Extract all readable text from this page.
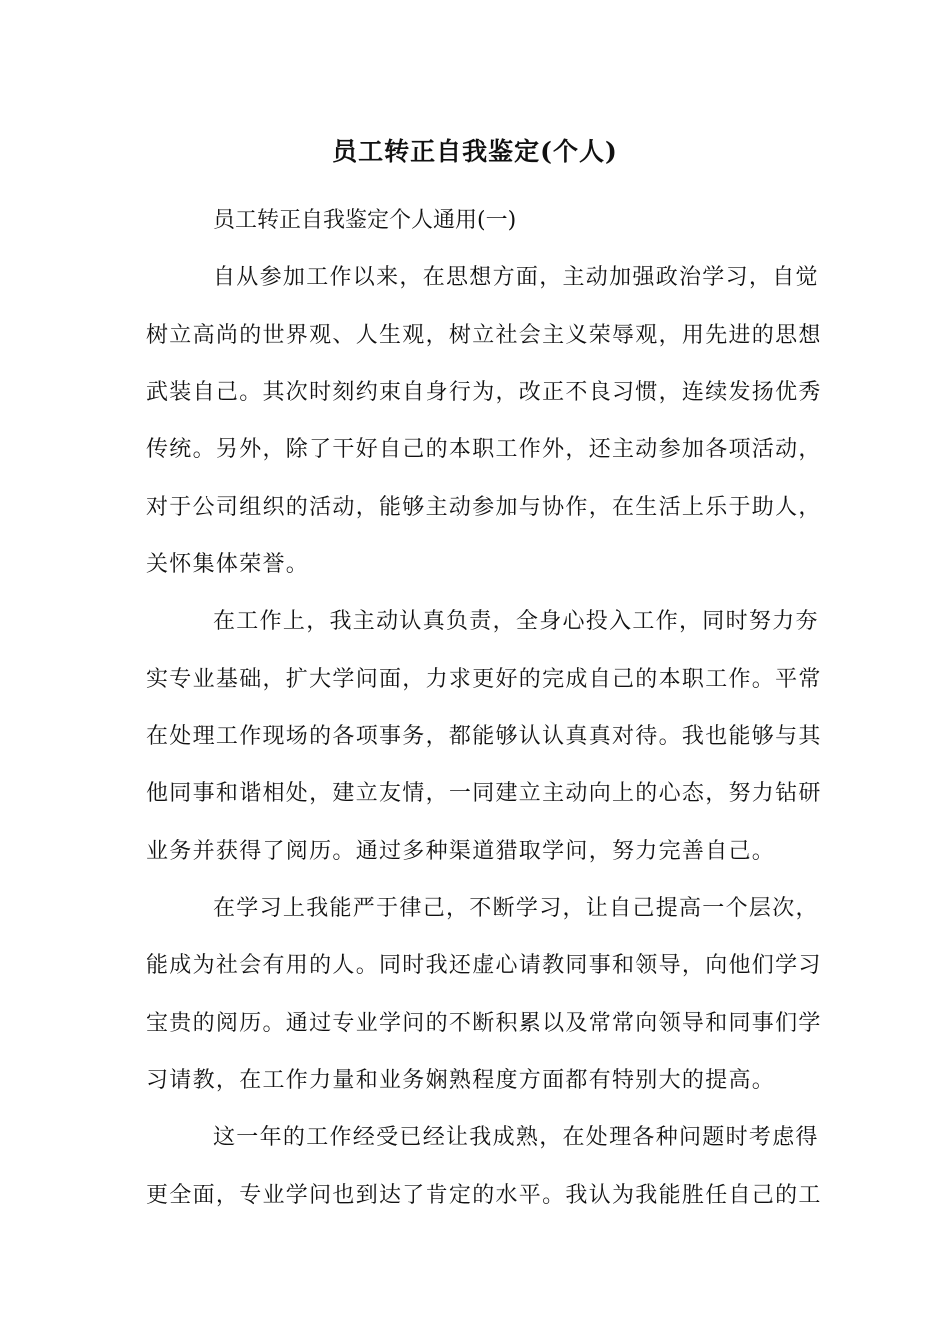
员工转正自我鉴定(个人)
员工转正自我鉴定个人通用(一)
自从参加工作以来，在思想方面，主动加强政治学习，自觉
树立高尚的世界观、人生观，树立社会主义荣辱观，用先进的思想
武装自己。其次时刻约束自身行为，改正不良习惯，连续发扬优秀
传统。另外，除了干好自己的本职工作外，还主动参加各项活动，
对于公司组织的活动，能够主动参加与协作，在生活上乐于助人，
关怀集体荣誉。
在工作上，我主动认真负责，全身心投入工作，同时努力夯
实专业基础，扩大学问面，力求更好的完成自己的本职工作。平常
在处理工作现场的各项事务，都能够认认真真对待。我也能够与其
他同事和谐相处，建立友情，一同建立主动向上的心态，努力钻研
业务并获得了阅历。通过多种渠道猎取学问，努力完善自己。
在学习上我能严于律己，不断学习，让自己提高一个层次，
能成为社会有用的人。同时我还虚心请教同事和领导，向他们学习
宝贵的阅历。通过专业学问的不断积累以及常常向领导和同事们学
习请教，在工作力量和业务娴熟程度方面都有特别大的提高。
这一年的工作经受已经让我成熟，在处理各种问题时考虑得
更全面，专业学问也到达了肯定的水平。我认为我能胜任自己的工
